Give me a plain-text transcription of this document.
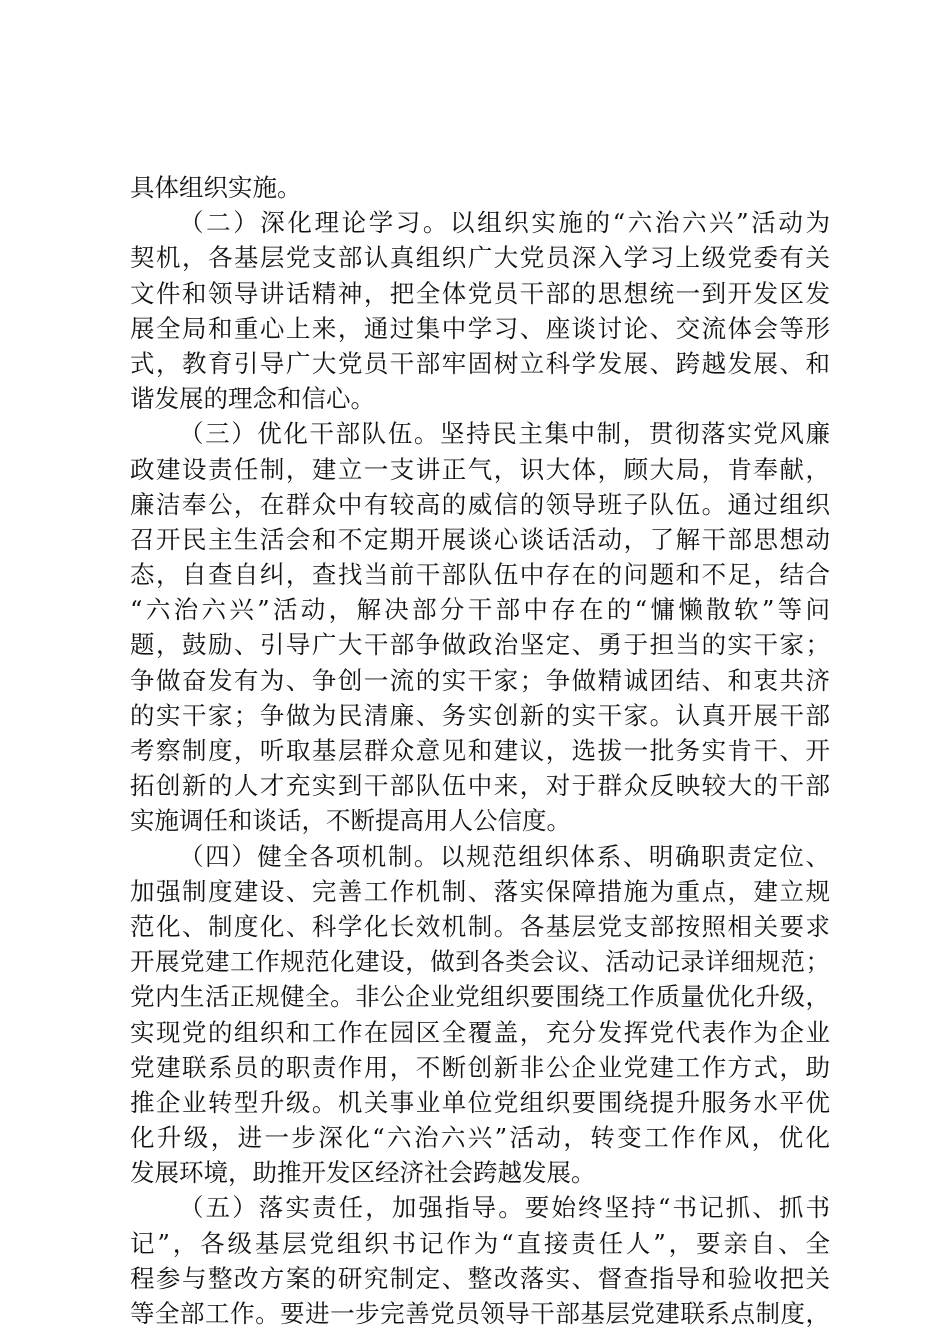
具体组织实施。
（二）深化理论学习。以组织实施的“六治六兴”活动为
契机，各基层党支部认真组织广大党员深入学习上级党委有关
文件和领导讲话精神，把全体党员干部的思想统一到开发区发
展全局和重心上来，通过集中学习、座谈讨论、交流体会等形
式，教育引导广大党员干部牢固树立科学发展、跨越发展、和
谐发展的理念和信心。
（三）优化干部队伍。坚持民主集中制，贯彻落实党风廉
政建设责任制，建立一支讲正气，识大体，顾大局，肯奉献，
廉洁奉公，在群众中有较高的威信的领导班子队伍。通过组织
召开民主生活会和不定期开展谈心谈话活动，了解干部思想动
态，自查自纠，查找当前干部队伍中存在的问题和不足，结合
“六治六兴”活动，解决部分干部中存在的“慵懒散软”等问
题，鼓励、引导广大干部争做政治坚定、勇于担当的实干家；
争做奋发有为、争创一流的实干家；争做精诚团结、和衷共济
的实干家；争做为民清廉、务实创新的实干家。认真开展干部
考察制度，听取基层群众意见和建议，选拔一批务实肯干、开
拓创新的人才充实到干部队伍中来，对于群众反映较大的干部
实施调任和谈话，不断提高用人公信度。
（四）健全各项机制。以规范组织体系、明确职责定位、
加强制度建设、完善工作机制、落实保障措施为重点，建立规
范化、制度化、科学化长效机制。各基层党支部按照相关要求
开展党建工作规范化建设，做到各类会议、活动记录详细规范；
党内生活正规健全。非公企业党组织要围绕工作质量优化升级，
实现党的组织和工作在园区全覆盖，充分发挥党代表作为企业
党建联系员的职责作用，不断创新非公企业党建工作方式，助
推企业转型升级。机关事业单位党组织要围绕提升服务水平优
化升级，进一步深化“六治六兴”活动，转变工作作风，优化
发展环境，助推开发区经济社会跨越发展。
（五）落实责任，加强指导。要始终坚持“书记抓、抓书
记”，各级基层党组织书记作为“直接责任人”，要亲自、全
程参与整改方案的研究制定、整改落实、督查指导和验收把关
等全部工作。要进一步完善党员领导干部基层党建联系点制度，
